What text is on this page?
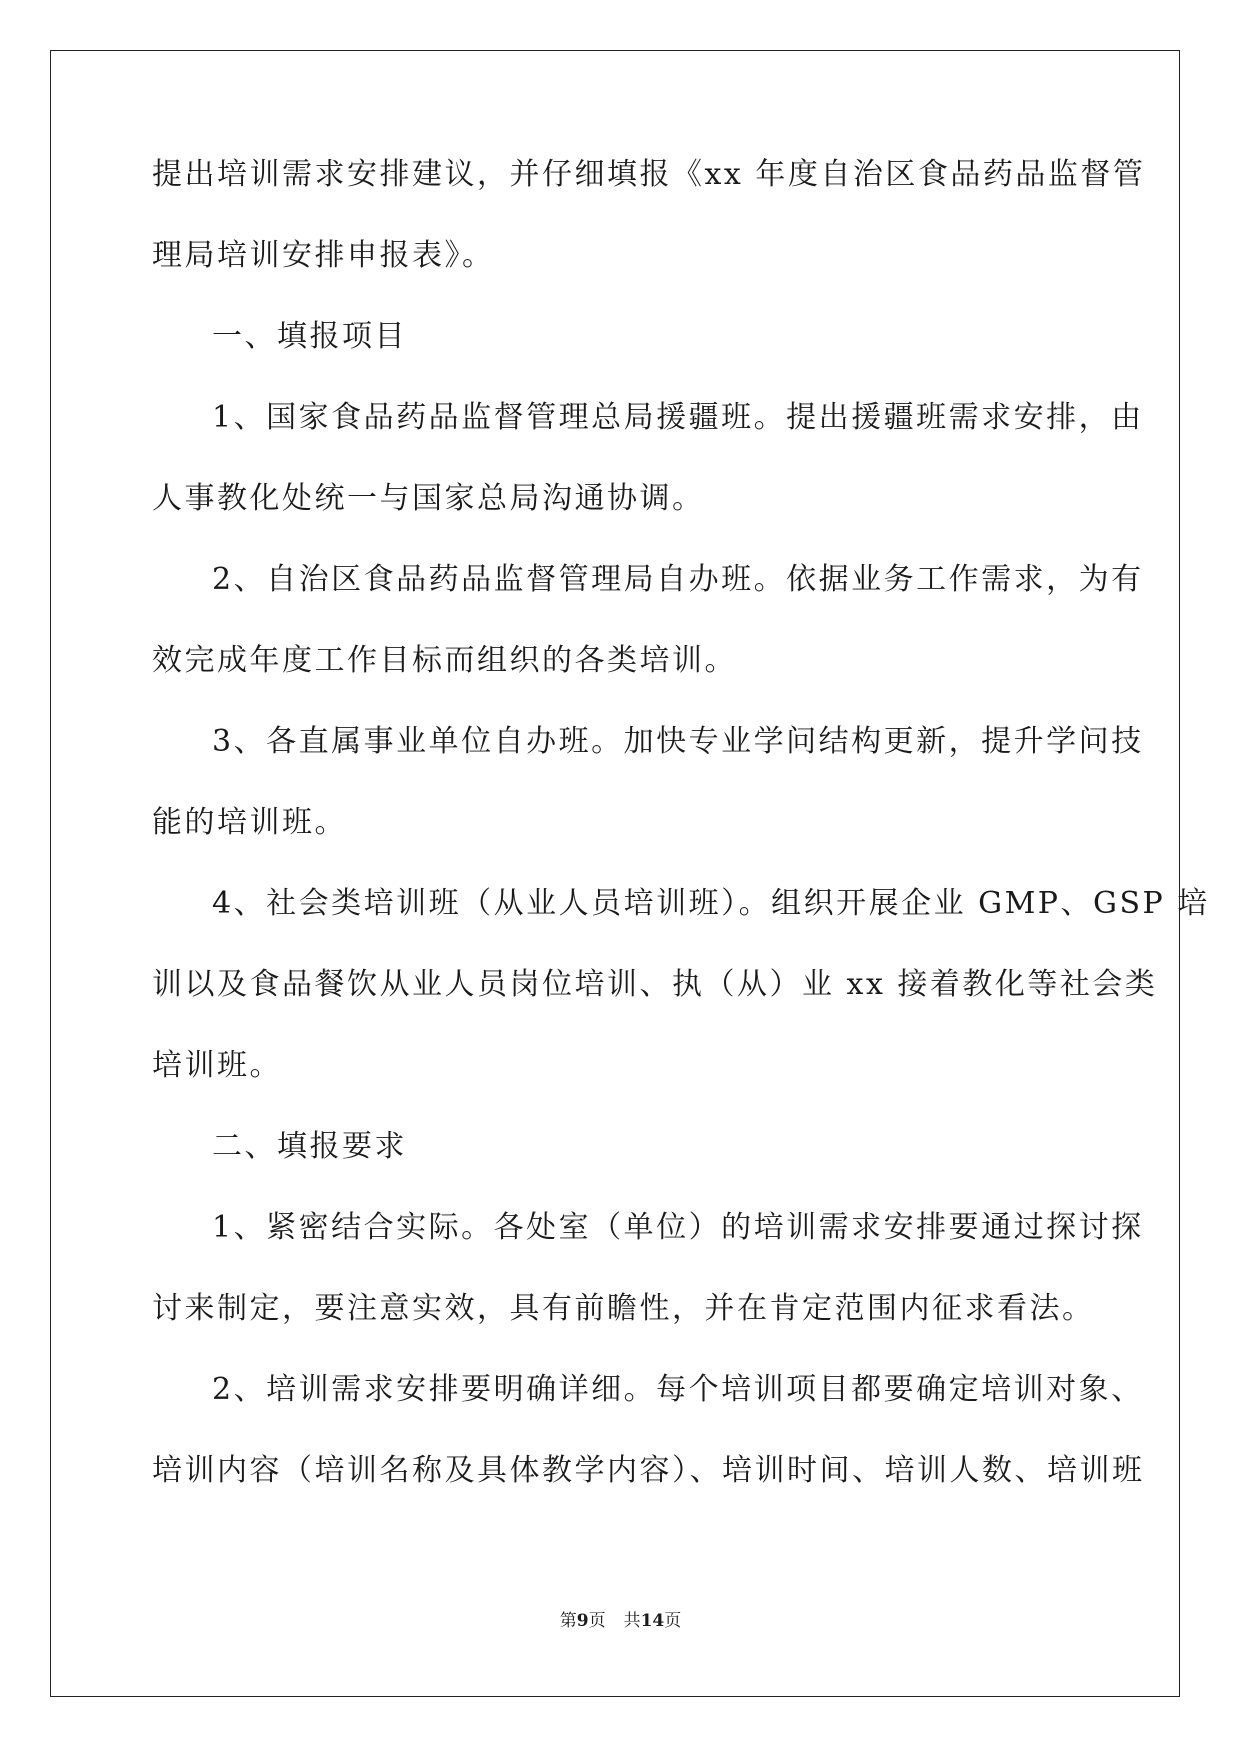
提出培训需求安排建议，并仔细填报《xx 年度自治区食品药品监督管
理局培训安排申报表》。
一、填报项目
1、国家食品药品监督管理总局援疆班。提出援疆班需求安排，由
人事教化处统一与国家总局沟通协调。
2、自治区食品药品监督管理局自办班。依据业务工作需求，为有
效完成年度工作目标而组织的各类培训。
3、各直属事业单位自办班。加快专业学问结构更新，提升学问技
能的培训班。
4、社会类培训班（从业人员培训班）。组织开展企业 GMP、GSP 培
训以及食品餐饮从业人员岗位培训、执（从）业 xx 接着教化等社会类
培训班。
二、填报要求
1、紧密结合实际。各处室（单位）的培训需求安排要通过探讨探
讨来制定，要注意实效，具有前瞻性，并在肯定范围内征求看法。
2、培训需求安排要明确详细。每个培训项目都要确定培训对象、
培训内容（培训名称及具体教学内容）、培训时间、培训人数、培训班
第9页 共14页
